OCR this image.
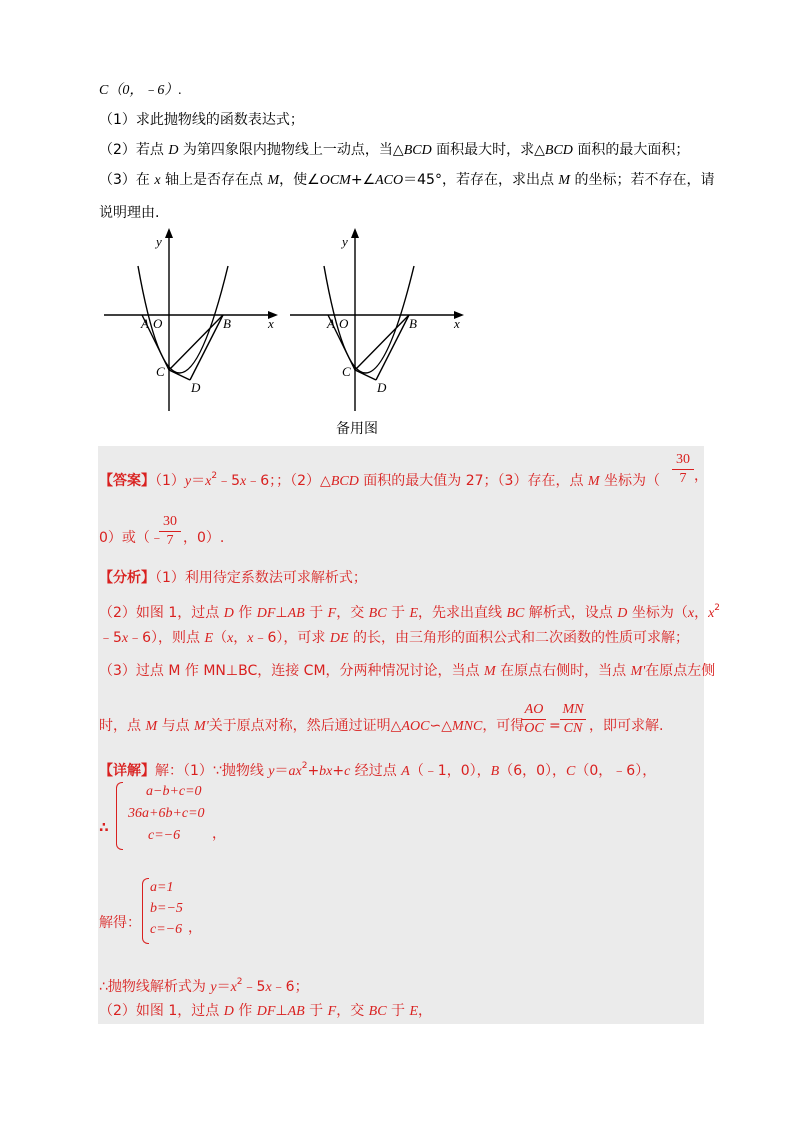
C（0，﹣6）.
（1）求此抛物线的函数表达式；
（2）若点 D 为第四象限内抛物线上一动点，当△BCD 面积最大时，求△BCD 面积的最大面积；
（3）在 x 轴上是否存在点 M，使∠OCM+∠ACO＝45°，若存在，求出点 M 的坐标；若不存在，请
说明理由.
y
x
A O	B
C
D
y
x
A O	B
C
D
备用图
【答案】$(1)y=x^2﹣5x﹣6$；；（2）△BCD 面积的最大值为 27；（3）存在，点 M 坐标为（
30
7 ，
0）或（﹣
30
7 ，0）.
【分析】（1）利用待定系数法可求解析式；
（2）如图 1，过点 D 作 DF⊥AB 于 F，交 BC 于 E，先求出直线 BC 解析式，设点 D 坐标为（x，$x^2$
﹣5x﹣6），则点 E（x，x﹣6），可求 DE 的长，由三角形的面积公式和二次函数的性质可求解；
（3）过点 M 作 MN⊥BC，连接 CM，分两种情况讨论，当点 M 在原点右侧时，当点 M'在原点左侧
时，点 M 与点 M'关于原点对称，然后通过证明△AOC∽△MNC，可得
AO
OC =
MN
CN ，即可求解.
【详解】解：（1）∵抛物线 $y=ax^2+bx+c$ 经过点 A（﹣1，0），B（6，0），C（0，﹣6），
∴
a−b+c=0
36a+6b+c=0
c=−6 ，
解得：
a=1
b=−5
c=−6 ，
∴抛物线解析式为 $y=x^2﹣5x﹣6$；
（2）如图 1，过点 D 作 DF⊥AB 于 F，交 BC 于 E，
